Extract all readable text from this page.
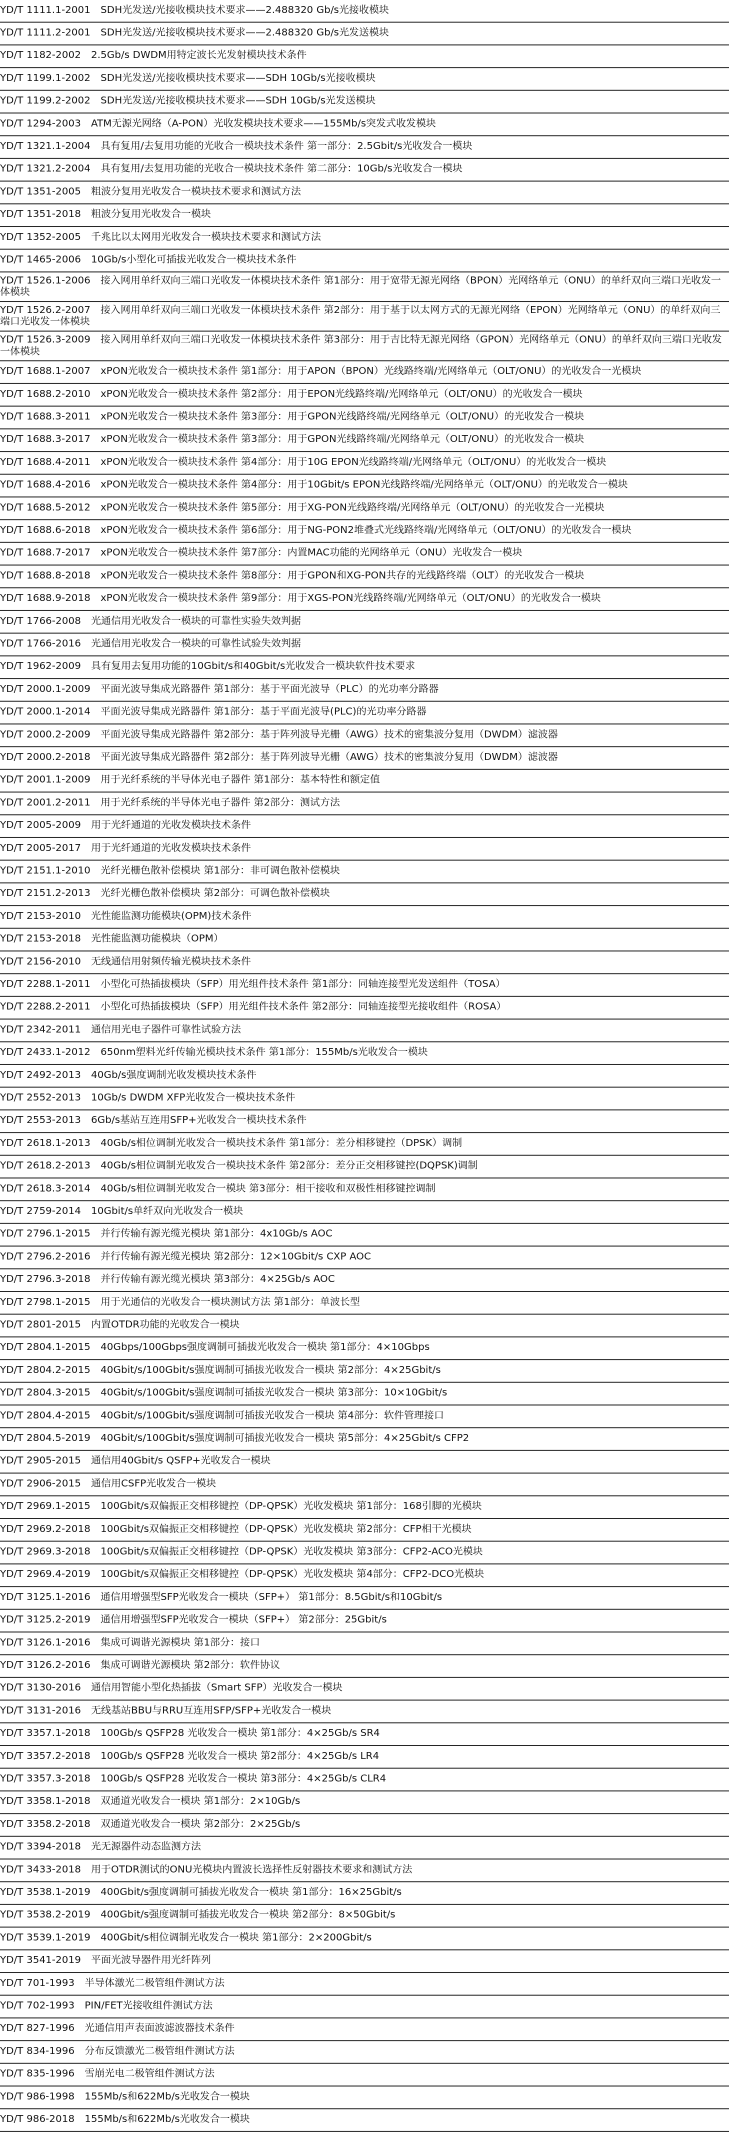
YD/T 1111.1-2001 SDH光发送/光接收模块技术要求——2.488320 Gb/s光接收模块
YD/T 1111.2-2001 SDH光发送/光接收模块技术要求——2.488320 Gb/s光发送模块
YD/T 1182-2002 2.5Gb/s DWDM用特定波长光发射模块技术条件
YD/T 1199.1-2002 SDH光发送/光接收模块技术要求——SDH 10Gb/s光接收模块
YD/T 1199.2-2002 SDH光发送/光接收模块技术要求——SDH 10Gb/s光发送模块
YD/T 1294-2003 ATM无源光网络（A-PON）光收发模块技术要求——155Mb/s突发式收发模块
YD/T 1321.1-2004 具有复用/去复用功能的光收合一模块技术条件 第一部分：2.5Gbit/s光收发合一模块
YD/T 1321.2-2004 具有复用/去复用功能的光收合一模块技术条件 第二部分：10Gb/s光收发合一模块
YD/T 1351-2005 粗波分复用光收发合一模块技术要求和测试方法
YD/T 1351-2018 粗波分复用光收发合一模块
YD/T 1352-2005 千兆比以太网用光收发合一模块技术要求和测试方法
YD/T 1465-2006 10Gb/s小型化可插拔光收发合一模块技术条件
YD/T 1526.1-2006 接入网用单纤双向三端口光收发一体模块技术条件 第1部分：用于宽带无源光网络（BPON）光网络单元（ONU）的单纤双向三端口光收发一体模块
YD/T 1526.2-2007 接入网用单纤双向三端口光收发一体模块技术条件 第2部分：用于基于以太网方式的无源光网络（EPON）光网络单元（ONU）的单纤双向三端口光收发一体模块
YD/T 1526.3-2009 接入网用单纤双向三端口光收发一体模块技术条件 第3部分：用于吉比特无源光网络（GPON）光网络单元（ONU）的单纤双向三端口光收发一体模块
YD/T 1688.1-2007 xPON光收发合一模块技术条件 第1部分：用于APON（BPON）光线路终端/光网络单元（OLT/ONU）的光收发合一光模块
YD/T 1688.2-2010 xPON光收发合一模块技术条件 第2部分：用于EPON光线路终端/光网络单元（OLT/ONU）的光收发合一模块
YD/T 1688.3-2011 xPON光收发合一模块技术条件 第3部分：用于GPON光线路终端/光网络单元（OLT/ONU）的光收发合一模块
YD/T 1688.3-2017 xPON光收发合一模块技术条件 第3部分：用于GPON光线路终端/光网络单元（OLT/ONU）的光收发合一模块
YD/T 1688.4-2011 xPON光收发合一模块技术条件 第4部分：用于10G EPON光线路终端/光网络单元（OLT/ONU）的光收发合一模块
YD/T 1688.4-2016 xPON光收发合一模块技术条件 第4部分：用于10Gbit/s EPON光线路终端/光网络单元（OLT/ONU）的光收发合一模块
YD/T 1688.5-2012 xPON光收发合一模块技术条件 第5部分：用于XG-PON光线路终端/光网络单元（OLT/ONU）的光收发合一光模块
YD/T 1688.6-2018 xPON光收发合一模块技术条件 第6部分：用于NG-PON2堆叠式光线路终端/光网络单元（OLT/ONU）的光收发合一模块
YD/T 1688.7-2017 xPON光收发合一模块技术条件 第7部分：内置MAC功能的光网络单元（ONU）光收发合一模块
YD/T 1688.8-2018 xPON光收发合一模块技术条件 第8部分：用于GPON和XG-PON共存的光线路终端（OLT）的光收发合一模块
YD/T 1688.9-2018 xPON光收发合一模块技术条件 第9部分：用于XGS-PON光线路终端/光网络单元（OLT/ONU）的光收发合一模块
YD/T 1766-2008 光通信用光收发合一模块的可靠性实验失效判据
YD/T 1766-2016 光通信用光收发合一模块的可靠性试验失效判据
YD/T 1962-2009 具有复用去复用功能的10Gbit/s和40Gbit/s光收发合一模块软件技术要求
YD/T 2000.1-2009 平面光波导集成光路器件 第1部分：基于平面光波导（PLC）的光功率分路器
YD/T 2000.1-2014 平面光波导集成光路器件 第1部分：基于平面光波导(PLC)的光功率分路器
YD/T 2000.2-2009 平面光波导集成光路器件 第2部分：基于阵列波导光栅（AWG）技术的密集波分复用（DWDM）滤波器
YD/T 2000.2-2018 平面光波导集成光路器件 第2部分：基于阵列波导光栅（AWG）技术的密集波分复用（DWDM）滤波器
YD/T 2001.1-2009 用于光纤系统的半导体光电子器件 第1部分：基本特性和额定值
YD/T 2001.2-2011 用于光纤系统的半导体光电子器件 第2部分：测试方法
YD/T 2005-2009 用于光纤通道的光收发模块技术条件
YD/T 2005-2017 用于光纤通道的光收发模块技术条件
YD/T 2151.1-2010 光纤光栅色散补偿模块 第1部分：非可调色散补偿模块
YD/T 2151.2-2013 光纤光栅色散补偿模块 第2部分：可调色散补偿模块
YD/T 2153-2010 光性能监测功能模块(OPM)技术条件
YD/T 2153-2018 光性能监测功能模块（OPM）
YD/T 2156-2010 无线通信用射频传输光模块技术条件
YD/T 2288.1-2011 小型化可热插拔模块（SFP）用光组件技术条件 第1部分：同轴连接型光发送组件（TOSA）
YD/T 2288.2-2011 小型化可热插拔模块（SFP）用光组件技术条件 第2部分：同轴连接型光接收组件（ROSA）
YD/T 2342-2011 通信用光电子器件可靠性试验方法
YD/T 2433.1-2012 650nm塑料光纤传输光模块技术条件 第1部分：155Mb/s光收发合一模块
YD/T 2492-2013 40Gb/s强度调制光收发模块技术条件
YD/T 2552-2013 10Gb/s DWDM XFP光收发合一模块技术条件
YD/T 2553-2013 6Gb/s基站互连用SFP+光收发合一模块技术条件
YD/T 2618.1-2013 40Gb/s相位调制光收发合一模块技术条件 第1部分：差分相移键控（DPSK）调制
YD/T 2618.2-2013 40Gb/s相位调制光收发合一模块技术条件 第2部分：差分正交相移键控(DQPSK)调制
YD/T 2618.3-2014 40Gb/s相位调制光收发合一模块 第3部分：相干接收和双极性相移键控调制
YD/T 2759-2014 10Gbit/s单纤双向光收发合一模块
YD/T 2796.1-2015 并行传输有源光缆光模块 第1部分：4x10Gb/s AOC
YD/T 2796.2-2016 并行传输有源光缆光模块 第2部分：12×10Gbit/s CXP AOC
YD/T 2796.3-2018 并行传输有源光缆光模块 第3部分：4×25Gb/s AOC
YD/T 2798.1-2015 用于光通信的光收发合一模块测试方法 第1部分：单波长型
YD/T 2801-2015 内置OTDR功能的光收发合一模块
YD/T 2804.1-2015 40Gbps/100Gbps强度调制可插拔光收发合一模块 第1部分：4×10Gbps
YD/T 2804.2-2015 40Gbit/s/100Gbit/s强度调制可插拔光收发合一模块 第2部分：4×25Gbit/s
YD/T 2804.3-2015 40Gbit/s/100Gbit/s强度调制可插拔光收发合一模块 第3部分：10×10Gbit/s
YD/T 2804.4-2015 40Gbit/s/100Gbit/s强度调制可插拔光收发合一模块 第4部分：软件管理接口
YD/T 2804.5-2019 40Gbit/s/100Gbit/s强度调制可插拔光收发合一模块 第5部分：4×25Gbit/s CFP2
YD/T 2905-2015 通信用40Gbit/s QSFP+光收发合一模块
YD/T 2906-2015 通信用CSFP光收发合一模块
YD/T 2969.1-2015 100Gbit/s双偏振正交相移键控（DP-QPSK）光收发模块 第1部分：168引脚的光模块
YD/T 2969.2-2018 100Gbit/s双偏振正交相移键控（DP-QPSK）光收发模块 第2部分：CFP相干光模块
YD/T 2969.3-2018 100Gbit/s双偏振正交相移键控（DP-QPSK）光收发模块 第3部分：CFP2-ACO光模块
YD/T 2969.4-2019 100Gbit/s双偏振正交相移键控（DP-QPSK）光收发模块 第4部分：CFP2-DCO光模块
YD/T 3125.1-2016 通信用增强型SFP光收发合一模块（SFP+） 第1部分：8.5Gbit/s和10Gbit/s
YD/T 3125.2-2019 通信用增强型SFP光收发合一模块（SFP+） 第2部分：25Gbit/s
YD/T 3126.1-2016 集成可调谐光源模块 第1部分：接口
YD/T 3126.2-2016 集成可调谐光源模块 第2部分：软件协议
YD/T 3130-2016 通信用智能小型化热插拔（Smart SFP）光收发合一模块
YD/T 3131-2016 无线基站BBU与RRU互连用SFP/SFP+光收发合一模块
YD/T 3357.1-2018 100Gb/s QSFP28 光收发合一模块 第1部分：4×25Gb/s SR4
YD/T 3357.2-2018 100Gb/s QSFP28 光收发合一模块 第2部分：4×25Gb/s LR4
YD/T 3357.3-2018 100Gb/s QSFP28 光收发合一模块 第3部分：4×25Gb/s CLR4
YD/T 3358.1-2018 双通道光收发合一模块 第1部分：2×10Gb/s
YD/T 3358.2-2018 双通道光收发合一模块 第2部分：2×25Gb/s
YD/T 3394-2018 光无源器件动态监测方法
YD/T 3433-2018 用于OTDR测试的ONU光模块内置波长选择性反射器技术要求和测试方法
YD/T 3538.1-2019 400Gbit/s强度调制可插拔光收发合一模块 第1部分：16×25Gbit/s
YD/T 3538.2-2019 400Gbit/s强度调制可插拔光收发合一模块 第2部分：8×50Gbit/s
YD/T 3539.1-2019 400Gbit/s相位调制光收发合一模块 第1部分：2×200Gbit/s
YD/T 3541-2019 平面光波导器件用光纤阵列
YD/T 701-1993 半导体激光二极管组件测试方法
YD/T 702-1993 PIN/FET光接收组件测试方法
YD/T 827-1996 光通信用声表面波滤波器技术条件
YD/T 834-1996 分布反馈激光二极管组件测试方法
YD/T 835-1996 雪崩光电二极管组件测试方法
YD/T 986-1998 155Mb/s和622Mb/s光收发合一模块
YD/T 986-2018 155Mb/s和622Mb/s光收发合一模块
